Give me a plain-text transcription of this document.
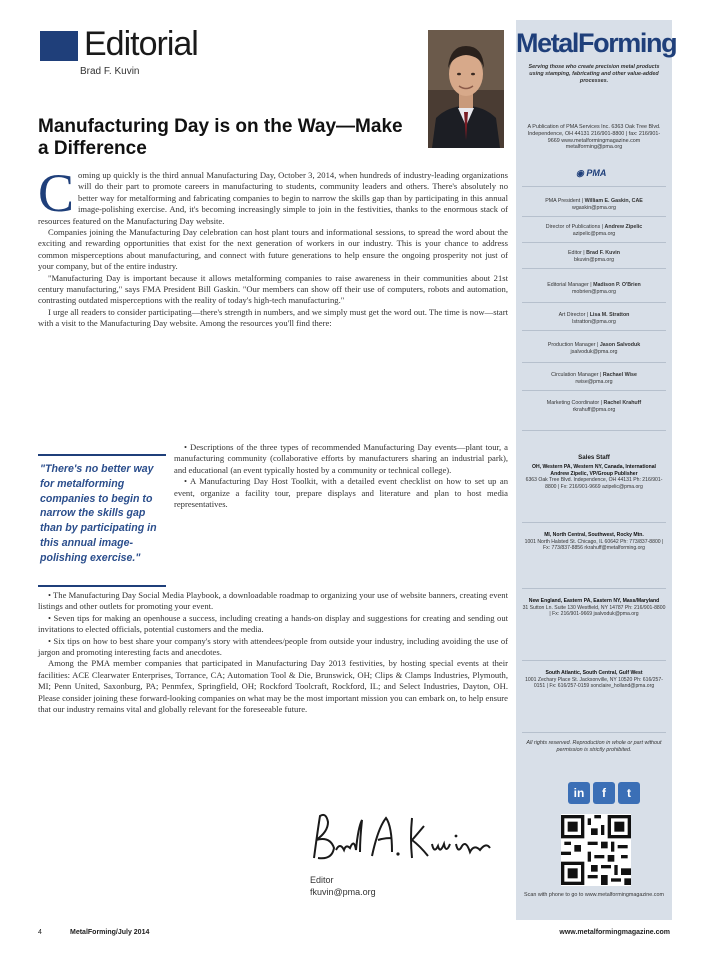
Editorial
Brad F. Kuvin
Manufacturing Day is on the Way—Make a Difference

Coming up quickly is the third annual Manufacturing Day, October 3, 2014, when hundreds of industry-leading organizations will do their part to promote careers in manufacturing to students, community leaders and others. There's absolutely no better way for metalforming and fabricating companies to begin to narrow the skills gap than by participating in this annual image-polishing exercise. And, it's becoming increasingly simple to join in the festivities, thanks to the enormous stack of resources featured on the Manufacturing Day website.

Companies joining the Manufacturing Day celebration can host plant tours and informational sessions, to spread the word about the exciting and rewarding opportunities that exist for the next generation of workers in our industry. This is your chance to address common misperceptions about manufacturing, and connect with future generations to help ensure the ongoing prosperity not just of your company, but of the entire industry.

"Manufacturing Day is important because it allows metalforming companies to raise awareness in their communities about 21st century manufacturing," says FMA President Bill Gaskin. "Our members can show off their use of computers, robots and automation, contrasting outdated misperceptions with the reality of today's high-tech manufacturing."

I urge all readers to consider participating—there's strength in numbers, and we simply must get the word out. The time is now—start with a visit to the Manufacturing Day website. Among the resources you'll find there:

"There's no better way for metalforming companies to begin to narrow the skills gap than by participating in this annual image-polishing exercise."

• Descriptions of the three types of recommended Manufacturing Day events—plant tour, a manufacturing community (collaborative efforts by manufacturers sharing an industrial park), and educational (an event typically hosted by a community or technical college).

• A Manufacturing Day Host Toolkit, with a detailed event checklist on how to set up an event, organize a facility tour, prepare displays and literature and plan to host media representatives.

• The Manufacturing Day Social Media Playbook, a downloadable roadmap to organizing your use of website banners, creating event listings and other outlets for promoting your event.

• Seven tips for making an openhouse a success, including creating a hands-on display and suggestions for creating and sending out invitations to elected officials, potential customers and the media.

• Six tips on how to best share your company's story with attendees/people from outside your industry, including avoiding the use of jargon and promoting interesting facts and anecdotes.

Among the PMA member companies that participated in Manufacturing Day 2013 festivities, by hosting special events at their facilities: ACE Clearwater Enterprises, Torrance, CA; Automation Tool & Die, Brunswick, OH; Clips & Clamps Industries, Plymouth, MI; Penn United, Saxonburg, PA; Penmfex, Springfield, OH; Rockford Toolcraft, Rockford, IL; and Select Industries, Dayton, OH. Please consider joining these forward-looking companies on what may be the most important mission you can embark on, to help ensure that our industry remains vital and globally relevant for the foreseeable future.

Editor
fkuvin@pma.org
4	MetalForming/July 2014	www.metalformingmagazine.com
MetalForming
Serving those who create precision metal products using stamping, fabricating and other value-added processes.
A Publication of PMA Services Inc. 6363 Oak Tree Blvd. Independence, OH 44131 216/901-8800 | fax: 216/901-9669 www.metalformingmagazine.com metalforming@pma.org
◉ PMA
PMA President | William E. Gaskin, CAE
wgaskin@pma.org
Director of Publications | Andrew Zipelic
azipelic@pma.org
Editor | Brad F. Kuvin
bkuvin@pma.org
Editorial Manager | Madison P. O'Brien
mobrien@pma.org
Art Director | Lisa M. Stratton
lstratton@pma.org
Production Manager | Jason Salvoduk
jsalvoduk@pma.org
Circulation Manager | Rachael Wise
rwise@pma.org
Marketing Coordinator | Rachel Krahuff
rkrahuff@pma.org
Sales Staff
OH, Western PA, Western NY, Canada, International
Andrew Zipelic, VP/Group Publisher
6363 Oak Tree Blvd. Independence, OH 44131 Ph: 216/901-8800 | Fx: 216/901-9669 azipelic@pma.org
MI, North Central, Southwest, Rocky Mtn.
1001 North Halsted St. Chicago, IL 60642 Ph: 773/837-8800 | Fx: 773/837-8856 rkrahuff@metalforming.org
New England, Eastern PA, Eastern NY, Mass/Maryland
31 Sutton Ln. Suite 130 Westfield, NY 14787 Ph: 216/901-8800 | Fx: 216/901-9669 jsalvoduk@pma.org
South Atlantic, South Central, Gulf West
1001 Zechary Place St. Jacksonville, NY 10520 Ph: 616/257-0151 | Fx: 616/257-0159 sonclaire_holland@pma.org
All rights reserved. Reproduction in whole or part without permission is strictly prohibited.
in	f	t
Scan with phone to go to www.metalformingmagazine.com
